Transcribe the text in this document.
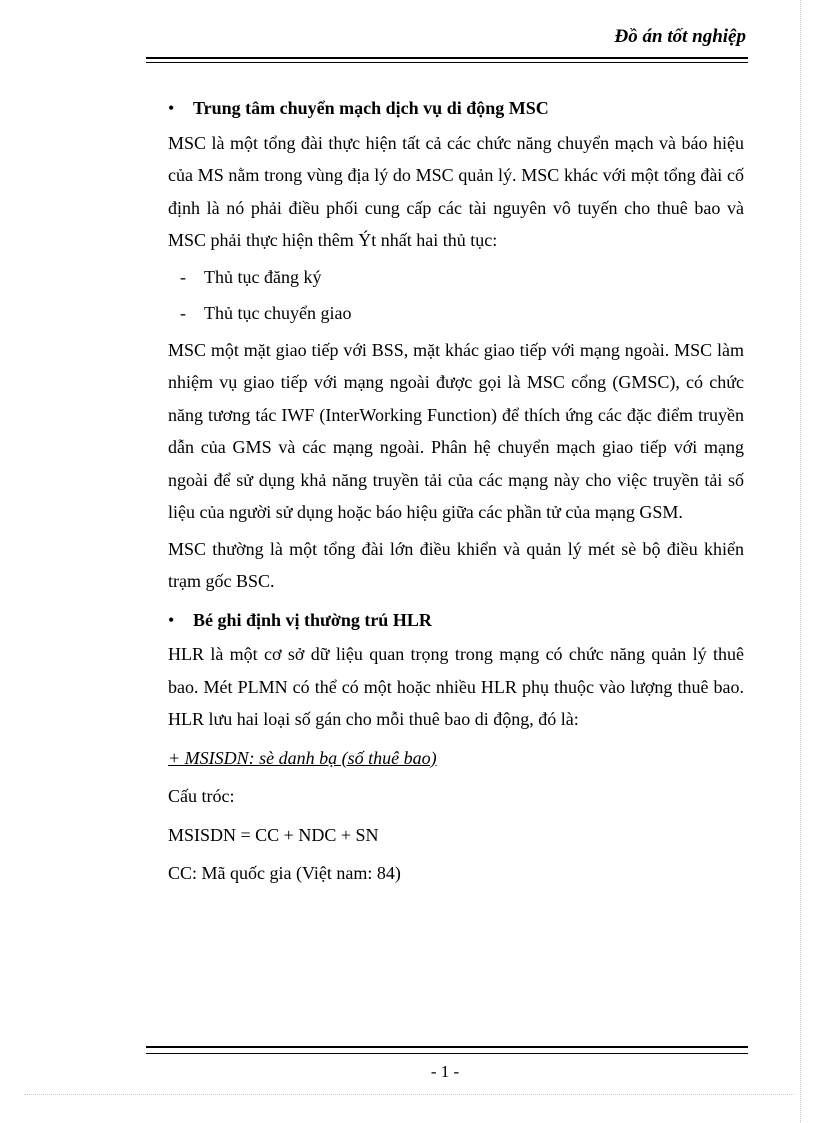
Đồ án tốt nghiệp
• Trung tâm chuyển mạch dịch vụ di động MSC

MSC là một tổng đài thực hiện tất cả các chức năng chuyển mạch và báo hiệu của MS nằm trong vùng địa lý do MSC quản lý. MSC khác với một tổng đài cố định là nó phải điều phối cung cấp các tài nguyên vô tuyến cho thuê bao và MSC phải thực hiện thêm Ýt nhất hai thủ tục:

- Thủ tục đăng ký
- Thủ tục chuyển giao

MSC một mặt giao tiếp với BSS, mặt khác giao tiếp với mạng ngoài. MSC làm nhiệm vụ giao tiếp với mạng ngoài được gọi là MSC cổng (GMSC), có chức năng tương tác IWF (InterWorking Function) để thích ứng các đặc điểm truyền dẫn của GMS và các mạng ngoài. Phân hệ chuyển mạch giao tiếp với mạng ngoài để sử dụng khả năng truyền tải của các mạng này cho việc truyền tải số liệu của người sử dụng hoặc báo hiệu giữa các phần tử của mạng GSM.

MSC thường là một tổng đài lớn điều khiển và quản lý mét sè bộ điều khiển trạm gốc BSC.

• Bé ghi định vị thường trú HLR

HLR là một cơ sở dữ liệu quan trọng trong mạng có chức năng quản lý thuê bao. Mét PLMN có thể có một hoặc nhiều HLR phụ thuộc vào lượng thuê bao. HLR lưu hai loại số gán cho mỗi thuê bao di động, đó là:

+ MSISDN: sè danh bạ (số thuê bao)
Cấu tróc:
MSISDN = CC + NDC + SN
CC: Mã quốc gia (Việt nam: 84)
- 1 -
